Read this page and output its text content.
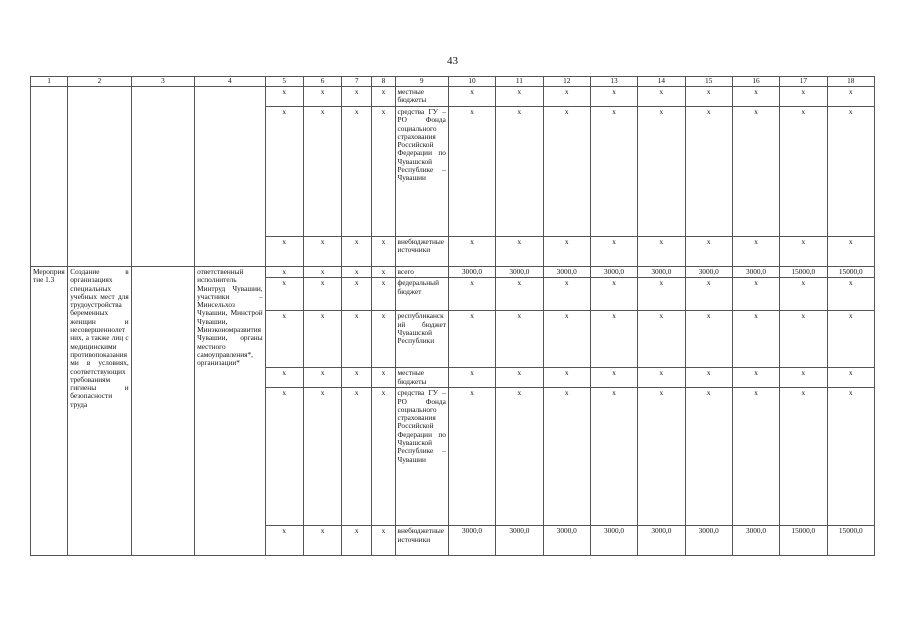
43
1	2	3	4	5	6	7	8	9	10	11	12	13	14	15	16	17	18
				х	х	х	х	местные бюджеты	х	х	х	х	х	х	х	х	х
				х	х	х	х	средства ГУ – РО Фонда социального страхования Российской Федерации по Чувашской Республике – Чувашии	х	х	х	х	х	х	х	х	х
				х	х	х	х	внебюджетные источники	х	х	х	х	х	х	х	х	х
Мероприятие 1.3	Создание в организациях специальных учебных мест для трудоустройства беременных женщин и несовершеннолетних, а также лиц с медицинскими противопоказаниями в условиях, соответствующих требованиям гигиены и безопасности труда		ответственный исполнитель Минтруд Чувашии, участники – Минсельхоз Чувашии, Минстрой Чувашии, Минэкономразвития Чувашии, органы местного самоуправления*, организации*	х	х	х	х	всего	3000,0	3000,0	3000,0	3000,0	3000,0	3000,0	3000,0	15000,0	15000,0
				х	х	х	х	федеральный бюджет	х	х	х	х	х	х	х	х	х
				х	х	х	х	республиканский бюджет Чувашской Республики	х	х	х	х	х	х	х	х	х
				х	х	х	х	местные бюджеты	х	х	х	х	х	х	х	х	х
				х	х	х	х	средства ГУ – РО Фонда социального страхования Российской Федерации по Чувашской Республике – Чувашии	х	х	х	х	х	х	х	х	х
				х	х	х	х	внебюджетные источники	3000,0	3000,0	3000,0	3000,0	3000,0	3000,0	3000,0	15000,0	15000,0
